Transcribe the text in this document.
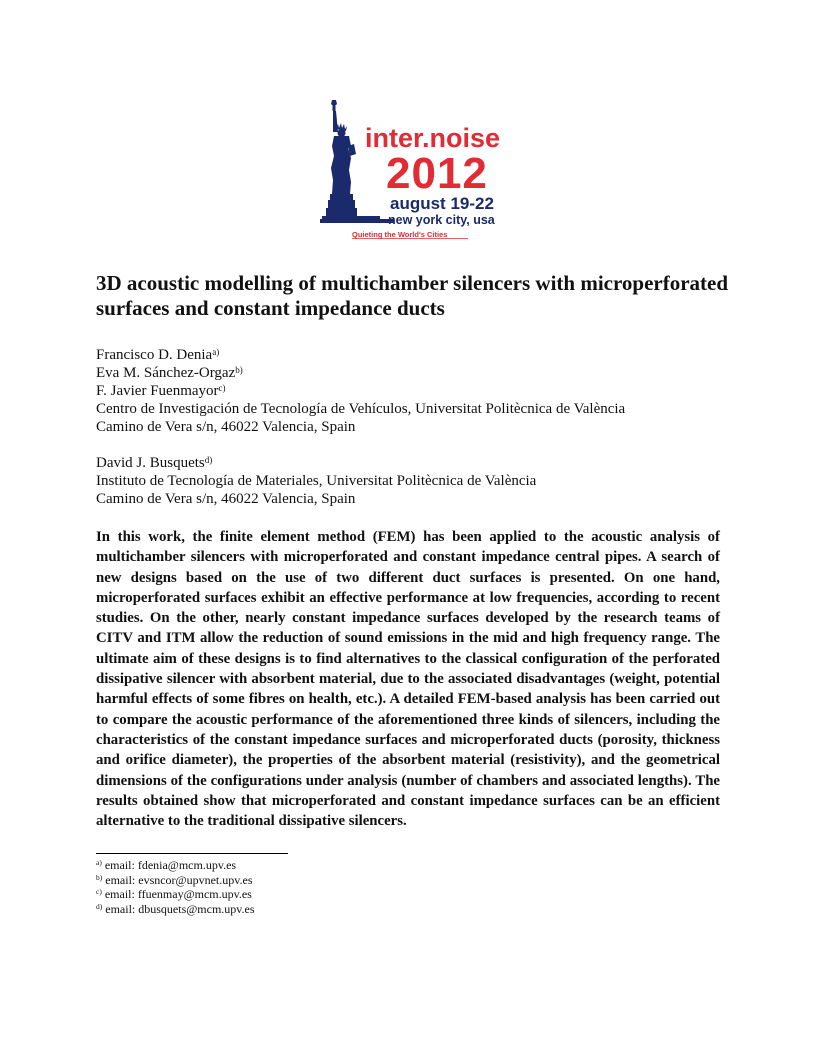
inter.noise
2012
august 19-22
new york city, usa
Quieting the World's Cities
3D acoustic modelling of multichamber silencers with microperforated surfaces and constant impedance ducts
Francisco D. Denia$^{a)}$
Eva M. Sánchez-Orgaz$^{b)}$
F. Javier Fuenmayor$^{c)}$
Centro de Investigación de Tecnología de Vehículos, Universitat Politècnica de València
Camino de Vera s/n, 46022 Valencia, Spain
David J. Busquets$^{d)}$
Instituto de Tecnología de Materiales, Universitat Politècnica de València
Camino de Vera s/n, 46022 Valencia, Spain

In this work, the finite element method (FEM) has been applied to the acoustic analysis of multichamber silencers with microperforated and constant impedance central pipes. A search of new designs based on the use of two different duct surfaces is presented. On one hand, microperforated surfaces exhibit an effective performance at low frequencies, according to recent studies. On the other, nearly constant impedance surfaces developed by the research teams of CITV and ITM allow the reduction of sound emissions in the mid and high frequency range. The ultimate aim of these designs is to find alternatives to the classical configuration of the perforated dissipative silencer with absorbent material, due to the associated disadvantages (weight, potential harmful effects of some fibres on health, etc.). A detailed FEM-based analysis has been carried out to compare the acoustic performance of the aforementioned three kinds of silencers, including the characteristics of the constant impedance surfaces and microperforated ducts (porosity, thickness and orifice diameter), the properties of the absorbent material (resistivity), and the geometrical dimensions of the configurations under analysis (number of chambers and associated lengths). The results obtained show that microperforated and constant impedance surfaces can be an efficient alternative to the traditional dissipative silencers.

$^{a)}$ email: fdenia@mcm.upv.es
$^{b)}$ email: evsncor@upvnet.upv.es
$^{c)}$ email: ffuenmay@mcm.upv.es
$^{d)}$ email: dbusquets@mcm.upv.es
